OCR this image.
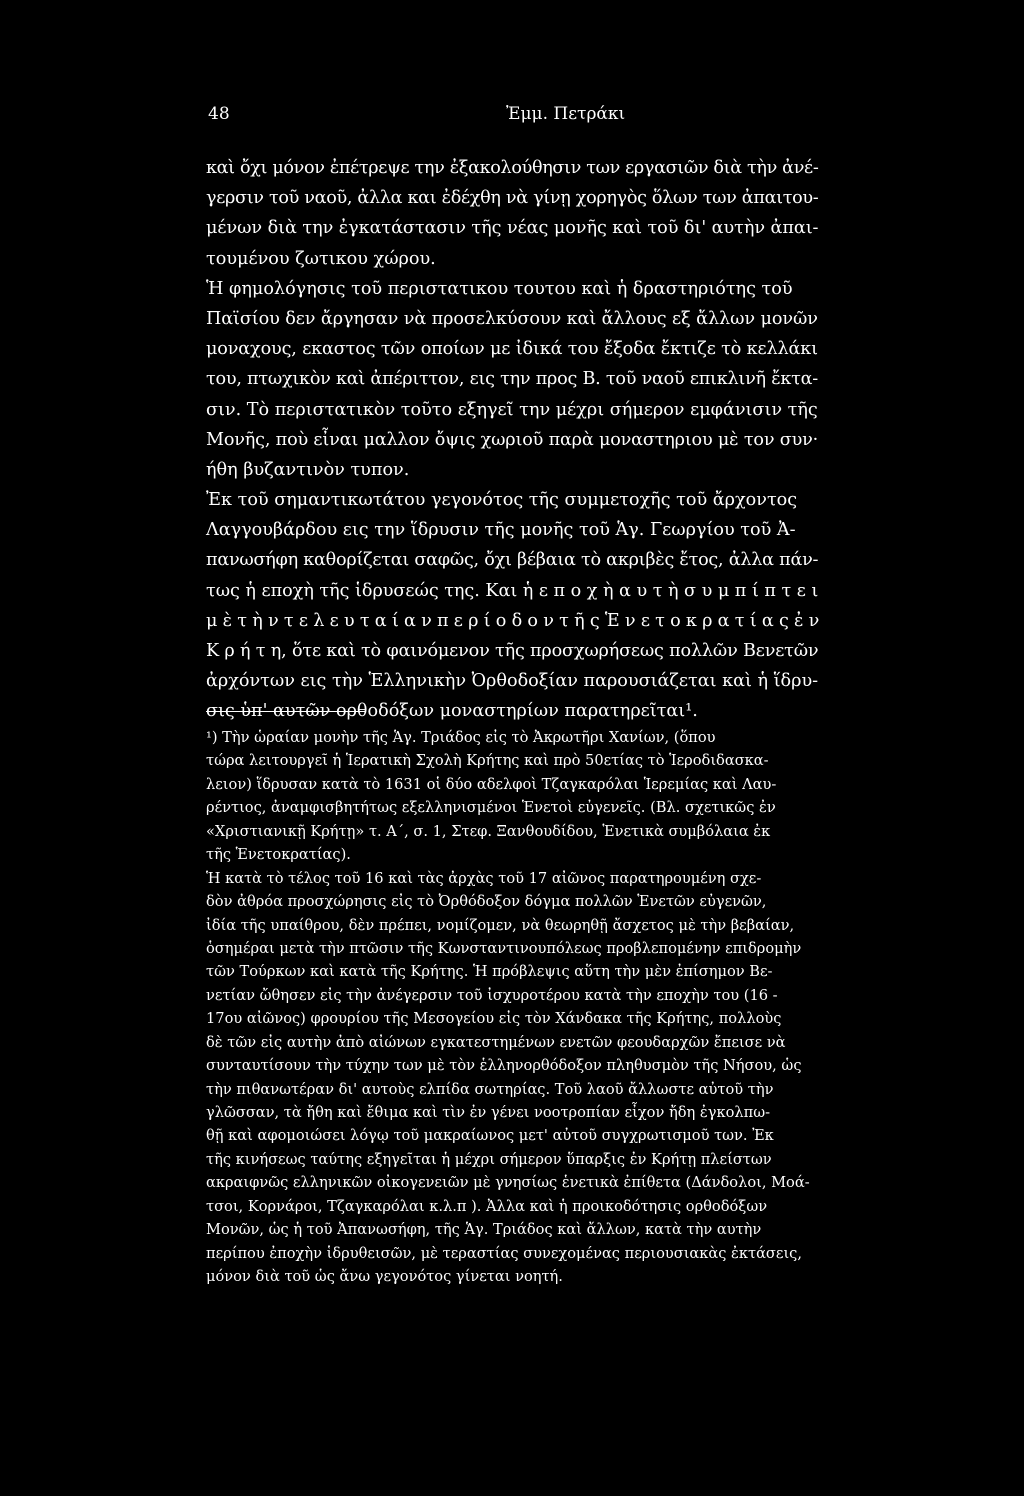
48	Ἐμμ. Πετράκι
καὶ ὄχι μόνον ἐπέτρεψε την ἐξακολούθησιν των εργασιῶν διὰ τὴν ἀνέ-
γερσιν τοῦ ναοῦ, ἀλλα και ἐδέχθη νὰ γίνῃ χορηγὸς ὅλων των ἀπαιτου-
μένων διὰ την ἐγκατάστασιν τῆς νέας μονῆς καὶ τοῦ δι' αυτὴν ἀπαι-
τουμένου ζωτικου χώρου.
Ἡ φημολόγησις τοῦ περιστατικου τουτου καὶ ἡ δραστηριότης τοῦ
Παϊσίου δεν ἄργησαν νὰ προσελκύσουν καὶ ἄλλους εξ ἄλλων μονῶν
μοναχους, εκαστος τῶν οποίων με ἰδικά του ἔξοδα ἔκτιζε τὸ κελλάκι
του, πτωχικὸν καὶ ἀπέριττον, εις την προς Β. τοῦ ναοῦ επικλινῆ ἔκτα-
σιν. Τὸ περιστατικὸν τοῦτο εξηγεῖ την μέχρι σήμερον εμφάνισιν τῆς
Μονῆς, ποὺ εἶναι μαλλον ὄψις χωριοῦ παρὰ μοναστηριου μὲ τον συν·
ήθη βυζαντινὸν τυπον.
Ἐκ τοῦ σημαντικωτάτου γεγονότος τῆς συμμετοχῆς τοῦ ἄρχοντος
Λαγγουβάρδου εις την ἵδρυσιν τῆς μονῆς τοῦ Ἁγ. Γεωργίου τοῦ Ἀ-
πανωσήφη καθορίζεται σαφῶς, ὄχι βέβαια τὸ ακριβὲς ἔτος, ἀλλα πάν-
τως ἡ εποχὴ τῆς ἱδρυσεώς της. Και ἡ ε π ο χ ὴ α υ τ ὴ σ υ μ π ί π τ ε ι
μ ὲ τ ὴ ν τ ε λ ε υ τ α ί α ν π ε ρ ί ο δ ο ν τ ῆ ς Ἑ ν ε τ ο κ ρ α τ ί α ς ἐ ν
Κ ρ ή τ η, ὅτε καὶ τὸ φαινόμενον τῆς προσχωρήσεως πολλῶν Βενετῶν
ἀρχόντων εις τὴν Ἑλληνικὴν Ὀρθοδοξίαν παρουσιάζεται καὶ ἡ ἵδρυ-
σις ὑπ' αυτῶν ορθοδόξων μοναστηρίων παρατηρεῖται¹.
¹) Τὴν ὡραίαν μονὴν τῆς Ἁγ. Τριάδος εἰς τὸ Ἀκρωτῆρι Χανίων, (ὅπου
τώρα λειτουργεῖ ἡ Ἱερατικὴ Σχολὴ Κρήτης καὶ πρὸ 50ετίας τὸ Ἱεροδιδασκα-
λειον) ἵδρυσαν κατὰ τὸ 1631 οἱ δύο αδελφοὶ Τζαγκαρόλαι Ἱερεμίας καὶ Λαυ-
ρέντιος, ἀναμφισβητήτως εξελληνισμένοι Ἑνετοὶ εὐγενεῖς. (Βλ. σχετικῶς ἐν
«Χριστιανικῇ Κρήτῃ» τ. Α΄, σ. 1, Στεφ. Ξανθουδίδου, Ἑνετικὰ συμβόλαια ἐκ
τῆς Ἑνετοκρατίας).
Ἡ κατὰ τὸ τέλος τοῦ 16 καὶ τὰς ἀρχὰς τοῦ 17 αἰῶνος παρατηρουμένη σχε-
δὸν ἀθρόα προσχώρησις εἰς τὸ Ὀρθόδοξον δόγμα πολλῶν Ἑνετῶν εὐγενῶν,
ἰδία τῆς υπαίθρου, δὲν πρέπει, νομίζομεν, νὰ θεωρηθῇ ἄσχετος μὲ τὴν βεβαίαν,
ὁσημέραι μετὰ τὴν πτῶσιν τῆς Κωνσταντινουπόλεως προβλεπομένην επιδρομὴν
τῶν Τούρκων καὶ κατὰ τῆς Κρήτης. Ἡ πρόβλεψις αὕτη τὴν μὲν ἐπίσημον Βε-
νετίαν ὤθησεν εἰς τὴν ἀνέγερσιν τοῦ ἰσχυροτέρου κατὰ τὴν εποχὴν του (16 -
17ου αἰῶνος) φρουρίου τῆς Μεσογείου εἰς τὸν Χάνδακα τῆς Κρήτης, πολλοὺς
δὲ τῶν εἰς αυτὴν ἀπὸ αἰώνων εγκατεστημένων ενετῶν φεουδαρχῶν ἔπεισε νὰ
συνταυτίσουν τὴν τύχην των μὲ τὸν ἑλληνορθόδοξον πληθυσμὸν τῆς Νήσου, ὡς
τὴν πιθανωτέραν δι' αυτοὺς ελπίδα σωτηρίας. Τοῦ λαοῦ ἄλλωστε αὐτοῦ τὴν
γλῶσσαν, τὰ ἤθη καὶ ἔθιμα καὶ τὶν ἐν γένει νοοτροπίαν εἶχον ἤδη ἐγκολπω-
θῇ καὶ αφομοιώσει λόγῳ τοῦ μακραίωνος μετ' αὐτοῦ συγχρωτισμοῦ των. Ἐκ
τῆς κινήσεως ταύτης εξηγεῖται ἡ μέχρι σήμερον ὕπαρξις ἐν Κρήτῃ πλείστων
ακραιφνῶς ελληνικῶν οἰκογενειῶν μὲ γνησίως ἑνετικὰ ἐπίθετα (Δάνδολοι, Μοά-
τσοι, Κορνάροι, Τζαγκαρόλαι κ.λ.π ). Ἀλλα καὶ ἡ προικοδότησις ορθοδόξων
Μονῶν, ὡς ἡ τοῦ Ἀπανωσήφη, τῆς Ἁγ. Τριάδος καὶ ἄλλων, κατὰ τὴν αυτὴν
περίπου ἐποχὴν ἱδρυθεισῶν, μὲ τεραστίας συνεχομένας περιουσιακὰς ἐκτάσεις,
μόνον διὰ τοῦ ὡς ἄνω γεγονότος γίνεται νοητή.
